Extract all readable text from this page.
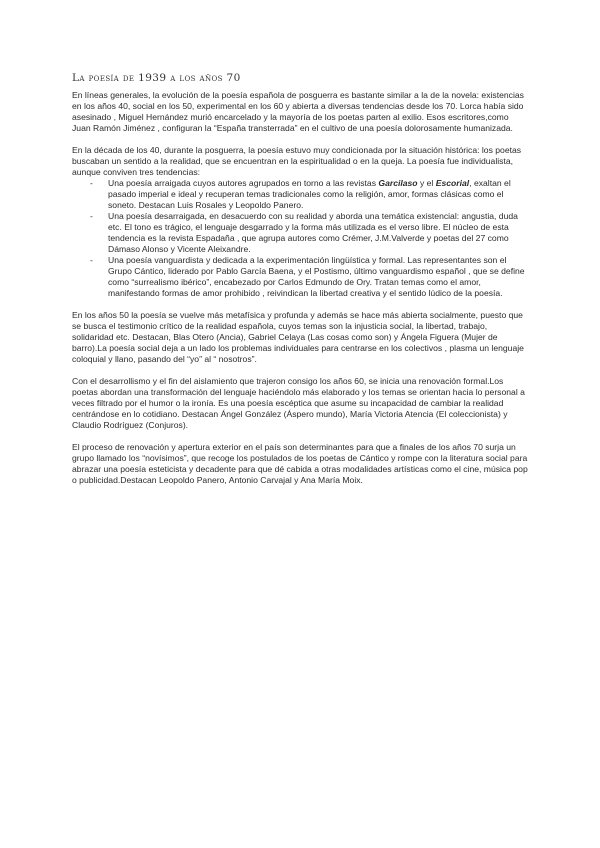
La poesía de 1939 a los años 70

En líneas generales, la evolución de la poesía española de posguerra es bastante similar a la de la novela: existencias en los años 40, social en los 50, experimental en los 60 y abierta a diversas tendencias desde los 70. Lorca había sido asesinado , Miguel Hernández murió encarcelado y la mayoría de los poetas parten al exilio. Esos escritores,como Juan Ramón Jiménez , configuran la “España transterrada” en el cultivo de una poesía dolorosamente humanizada.

En la década de los 40, durante la posguerra, la poesía estuvo muy condicionada por la situación histórica: los poetas buscaban un sentido a la realidad, que se encuentran en la espiritualidad o en la queja. La poesía fue individualista, aunque conviven tres tendencias:

- Una poesía arraigada cuyos autores agrupados en torno a las revistas Garcilaso y el Escorial, exaltan el pasado imperial e ideal y recuperan temas tradicionales como la religión, amor, formas clásicas como el soneto. Destacan Luis Rosales y Leopoldo Panero.
- Una poesía desarraigada, en desacuerdo con su realidad y aborda una temática existencial: angustia, duda etc. El tono es trágico, el lenguaje desgarrado y la forma más utilizada es el verso libre. El núcleo de esta tendencia es la revista Espadaña , que agrupa autores como Crémer, J.M.Valverde y poetas del 27 como Dámaso Alonso y Vicente Aleixandre.
- Una poesía vanguardista y dedicada a la experimentación lingüística y formal. Las representantes son el Grupo Cántico, liderado por Pablo García Baena, y el Postismo, último vanguardismo español , que se define como “surrealismo ibérico”, encabezado por Carlos Edmundo de Ory. Tratan temas como el amor, manifestando formas de amor prohibido , reivindican la libertad creativa y el sentido lúdico de la poesía.

En los años 50 la poesía se vuelve más metafísica y profunda y además se hace más abierta socialmente, puesto que se busca el testimonio crítico de la realidad española, cuyos temas son la injusticia social, la libertad, trabajo, solidaridad etc. Destacan, Blas Otero (Ancia), Gabriel Celaya (Las cosas como son) y Ángela Figuera (Mujer de barro).La poesía social deja a un lado los problemas individuales para centrarse en los colectivos , plasma un lenguaje coloquial y llano, pasando del “yo” al “ nosotros”.

Con el desarrollismo y el fin del aislamiento que trajeron consigo los años 60, se inicia una renovación formal.Los poetas abordan una transformación del lenguaje haciéndolo más elaborado y los temas se orientan hacia lo personal a veces filtrado por el humor o la ironía. Es una poesía escéptica que asume su incapacidad de cambiar la realidad centrándose en lo cotidiano. Destacan Ángel González (Áspero mundo), María Victoria Atencia (El coleccionista) y Claudio Rodríguez (Conjuros).

El proceso de renovación y apertura exterior en el país son determinantes para que a finales de los años 70 surja un grupo llamado los “novísimos”, que recoge los postulados de los poetas de Cántico y rompe con la literatura social para abrazar una poesía esteticista y decadente para que dé cabida a otras modalidades artísticas como el cine, música pop o publicidad.Destacan Leopoldo Panero, Antonio Carvajal y Ana María Moix.
